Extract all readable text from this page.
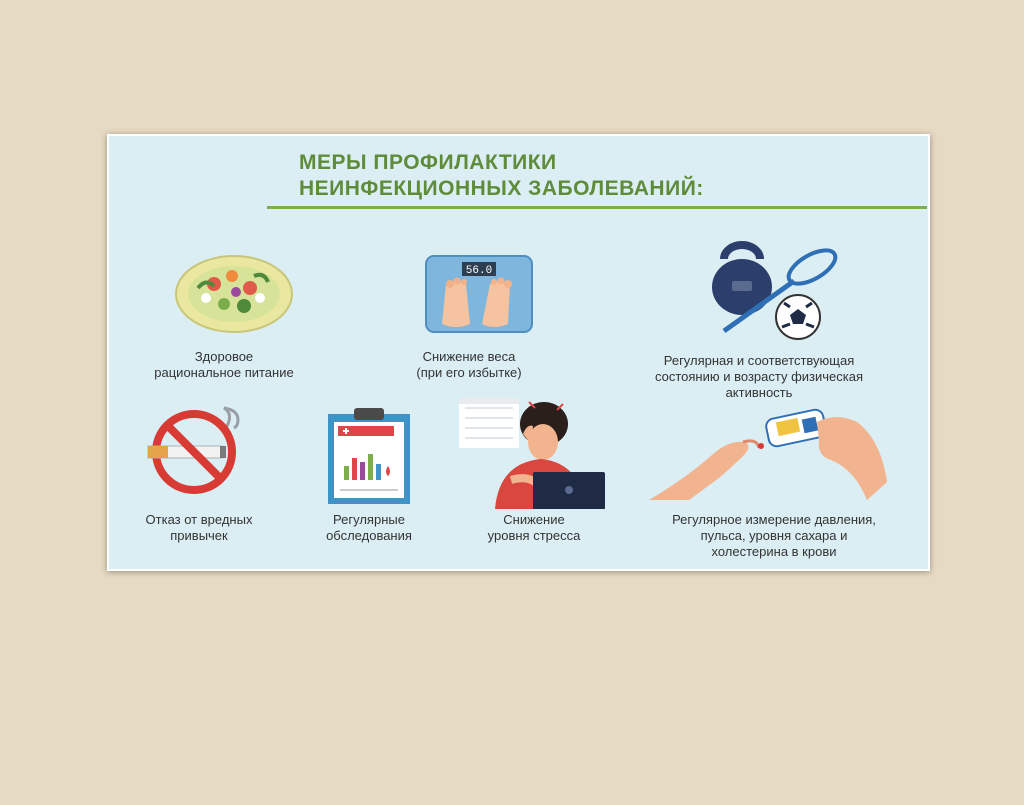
МЕРЫ ПРОФИЛАКТИКИ
НЕИНФЕКЦИОННЫХ ЗАБОЛЕВАНИЙ:

Здоровое
рациональное питание

56.0

Снижение веса
(при его избытке)

Регулярная и соответствующая
состоянию и возрасту физическая
активность

Отказ от вредных
привычек

Регулярные
обследования

Снижение
уровня стресса

Регулярное измерение давления,
пульса, уровня сахара и
холестерина в крови
